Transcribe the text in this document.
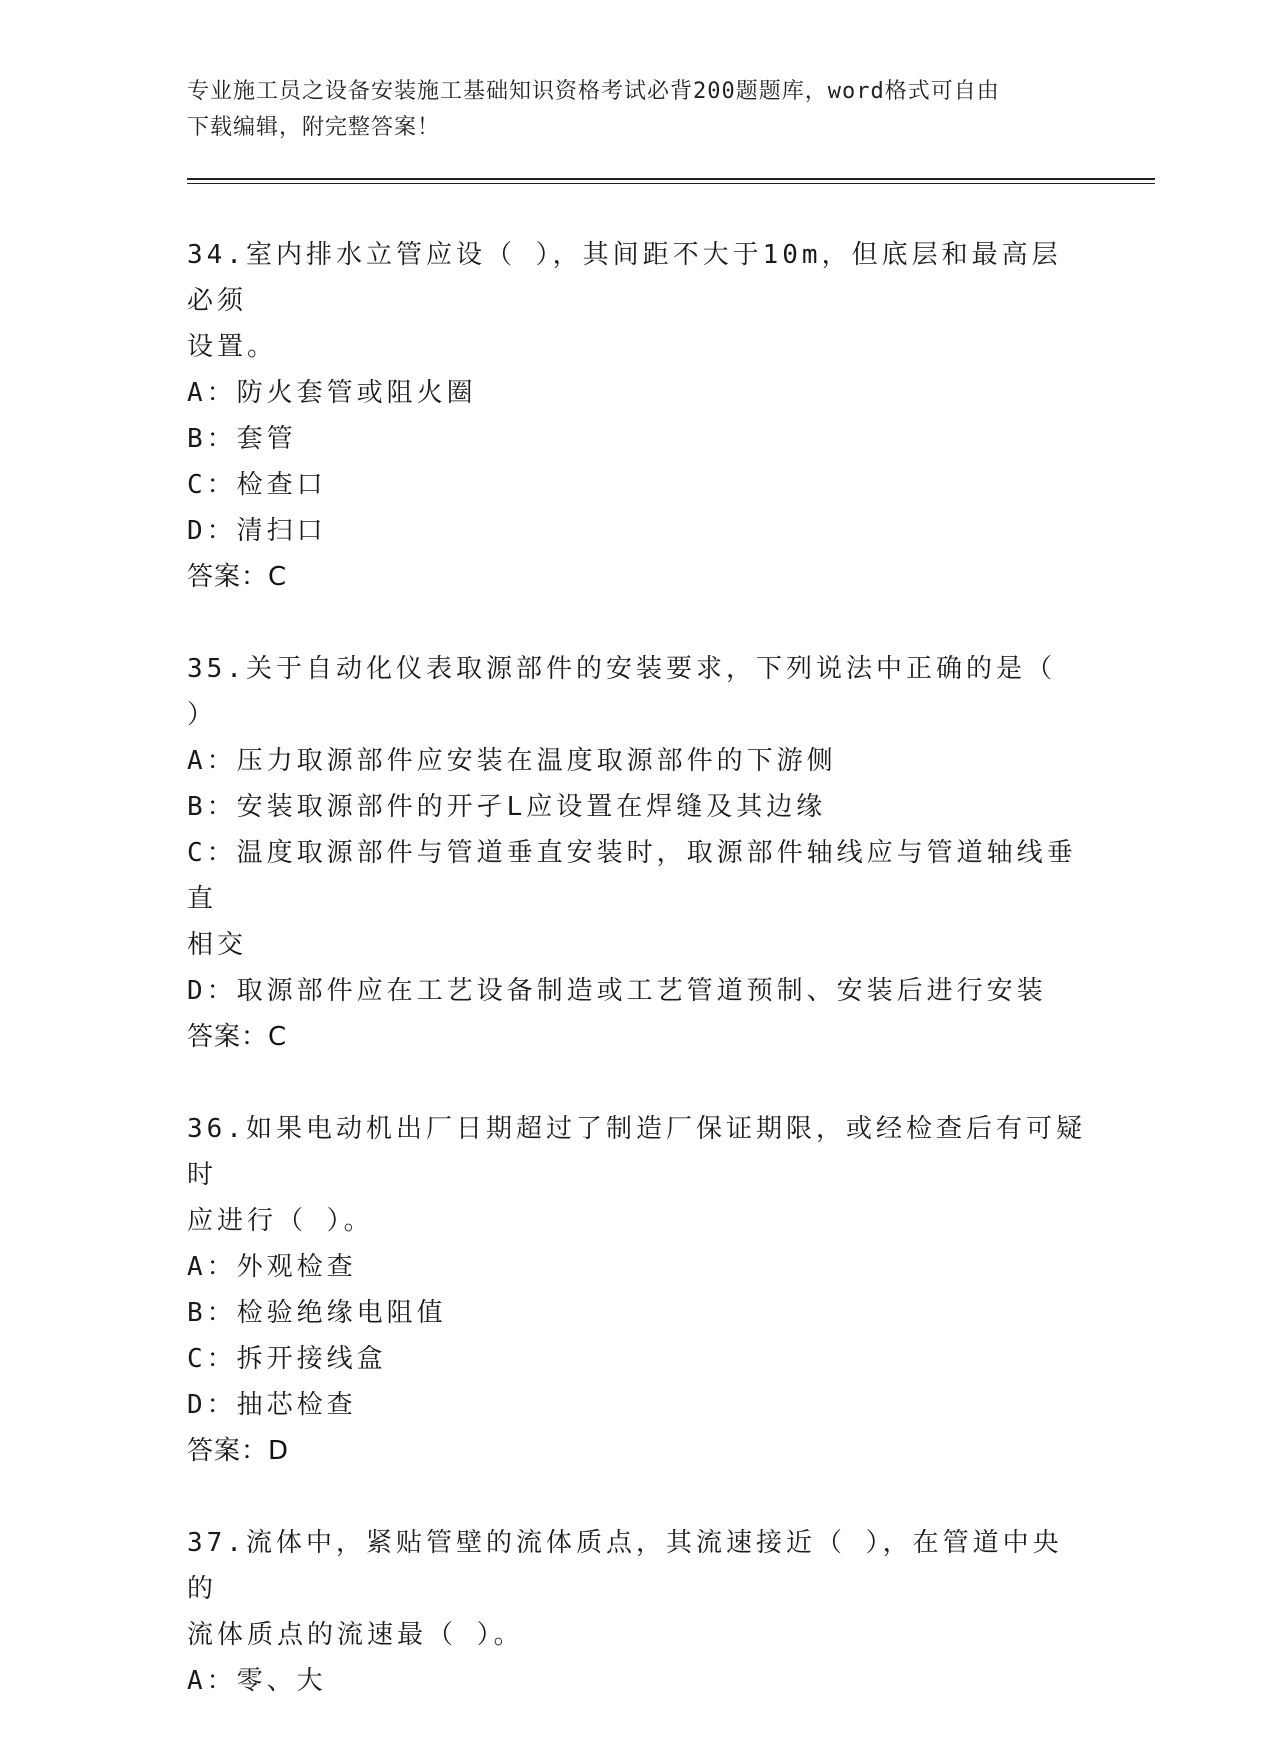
专业施工员之设备安装施工基础知识资格考试必背200题题库，word格式可自由
下载编辑，附完整答案！
34.室内排水立管应设（ ），其间距不大于10m，但底层和最高层必须
设置。
A：防火套管或阻火圈
B：套管
C：检查口
D：清扫口
答案：C
35.关于自动化仪表取源部件的安装要求，下列说法中正确的是（ ）
A：压力取源部件应安装在温度取源部件的下游侧
B：安装取源部件的开孑L应设置在焊缝及其边缘
C：温度取源部件与管道垂直安装时，取源部件轴线应与管道轴线垂直
相交
D：取源部件应在工艺设备制造或工艺管道预制、安装后进行安装
答案：C
36.如果电动机出厂日期超过了制造厂保证期限，或经检查后有可疑时
应进行（ ）。
A：外观检查
B：检验绝缘电阻值
C：拆开接线盒
D：抽芯检查
答案：D
37.流体中，紧贴管壁的流体质点，其流速接近（ ），在管道中央的
流体质点的流速最（ ）。
A：零、大
